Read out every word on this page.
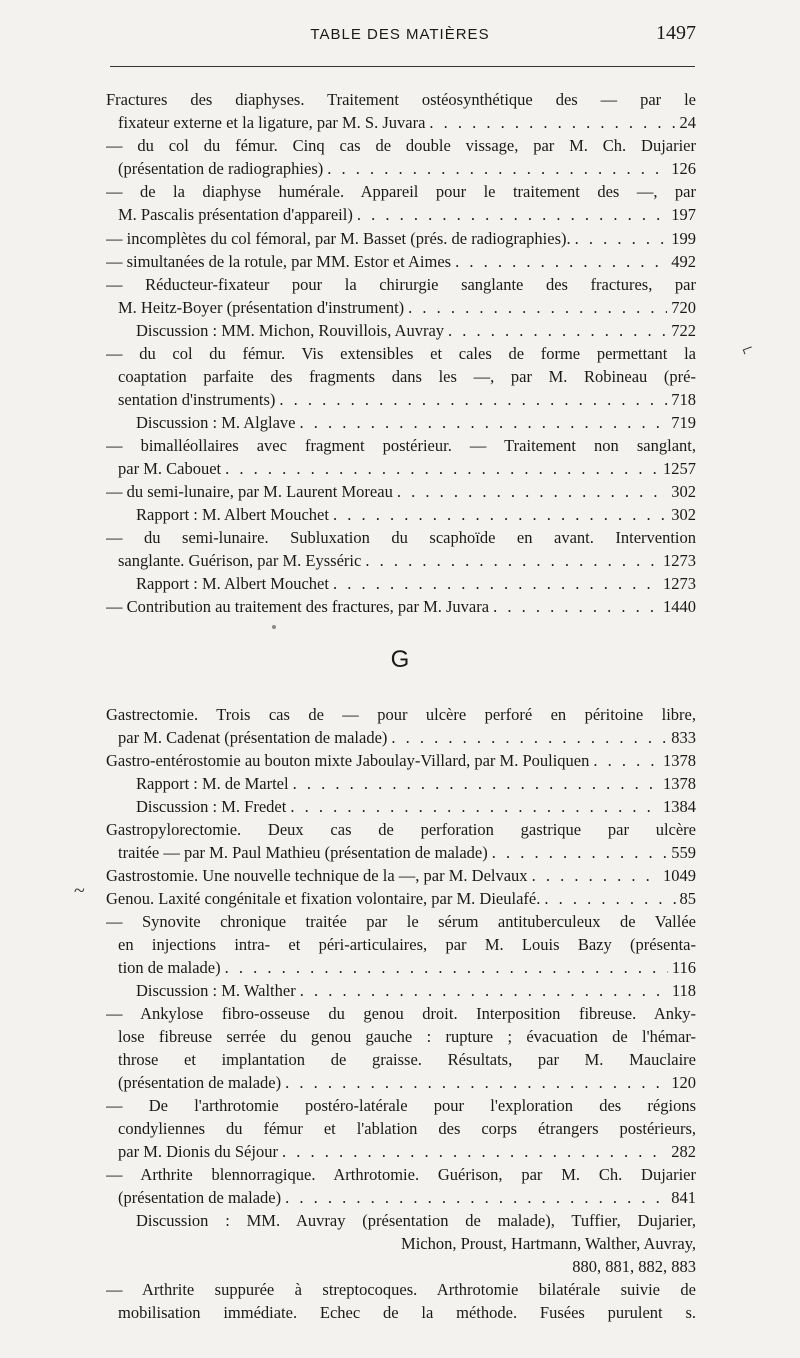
TABLE DES MATIÈRES	1497
Fractures des diaphyses. Traitement ostéosynthétique des — par le
fixateur externe et la ligature, par M. S. Juvara . . .	24
— du col du fémur. Cinq cas de double vissage, par M. Ch. Dujarier
(présentation de radiographies) . . .	126
— de la diaphyse humérale. Appareil pour le traitement des —, par
M. Pascalis présentation d'appareil) . . .	197
— incomplètes du col fémoral, par M. Basset (prés. de radiographies). . . .	199
— simultanées de la rotule, par MM. Estor et Aimes . . .	492
— Réducteur-fixateur pour la chirurgie sanglante des fractures, par
M. Heitz-Boyer (présentation d'instrument) . . .	720
Discussion : MM. Michon, Rouvillois, Auvray . . .	722
— du col du fémur. Vis extensibles et cales de forme permettant la
coaptation parfaite des fragments dans les —, par M. Robineau (pré-
sentation d'instruments) . . .	718
Discussion : M. Alglave . . .	719
— bimalléollaires avec fragment postérieur. — Traitement non sanglant,
par M. Cabouet . . .	1257
— du semi-lunaire, par M. Laurent Moreau . . .	302
Rapport : M. Albert Mouchet . . .	302
— du semi-lunaire. Subluxation du scaphoïde en avant. Intervention
sanglante. Guérison, par M. Eysséric . . .	1273
Rapport : M. Albert Mouchet . . .	1273
— Contribution au traitement des fractures, par M. Juvara . . .	1440
Gastrectomie. Trois cas de — pour ulcère perforé en péritoine libre,
par M. Cadenat (présentation de malade) . . .	833
Gastro-entérostomie au bouton mixte Jaboulay-Villard, par M. Pouliquen . . .	1378
Rapport : M. de Martel . . .	1378
Discussion : M. Fredet . . .	1384
Gastropylorectomie. Deux cas de perforation gastrique par ulcère
traitée — par M. Paul Mathieu (présentation de malade) . . .	559
Gastrostomie. Une nouvelle technique de la —, par M. Delvaux . . .	1049
Genou. Laxité congénitale et fixation volontaire, par M. Dieulafé. . . .	85
— Synovite chronique traitée par le sérum antituberculeux de Vallée
en injections intra- et péri-articulaires, par M. Louis Bazy (présenta-
tion de malade) . . .	116
Discussion : M. Walther . . .	118
— Ankylose fibro-osseuse du genou droit. Interposition fibreuse. Anky-
lose fibreuse serrée du genou gauche : rupture ; évacuation de l'hémar-
throse et implantation de graisse. Résultats, par M. Mauclaire
(présentation de malade) . . .	120
— De l'arthrotomie postéro-latérale pour l'exploration des régions
condyliennes du fémur et l'ablation des corps étrangers postérieurs,
par M. Dionis du Séjour . . .	282
— Arthrite blennorragique. Arthrotomie. Guérison, par M. Ch. Dujarier
(présentation de malade) . . .	841
Discussion : MM. Auvray (présentation de malade), Tuffier, Dujarier,
Michon, Proust, Hartmann, Walther, Auvray,
880, 881, 882, 883
— Arthrite suppurée à streptocoques. Arthrotomie bilatérale suivie de
mobilisation immédiate. Echec de la méthode. Fusées purulent s.
G
~
⌐
